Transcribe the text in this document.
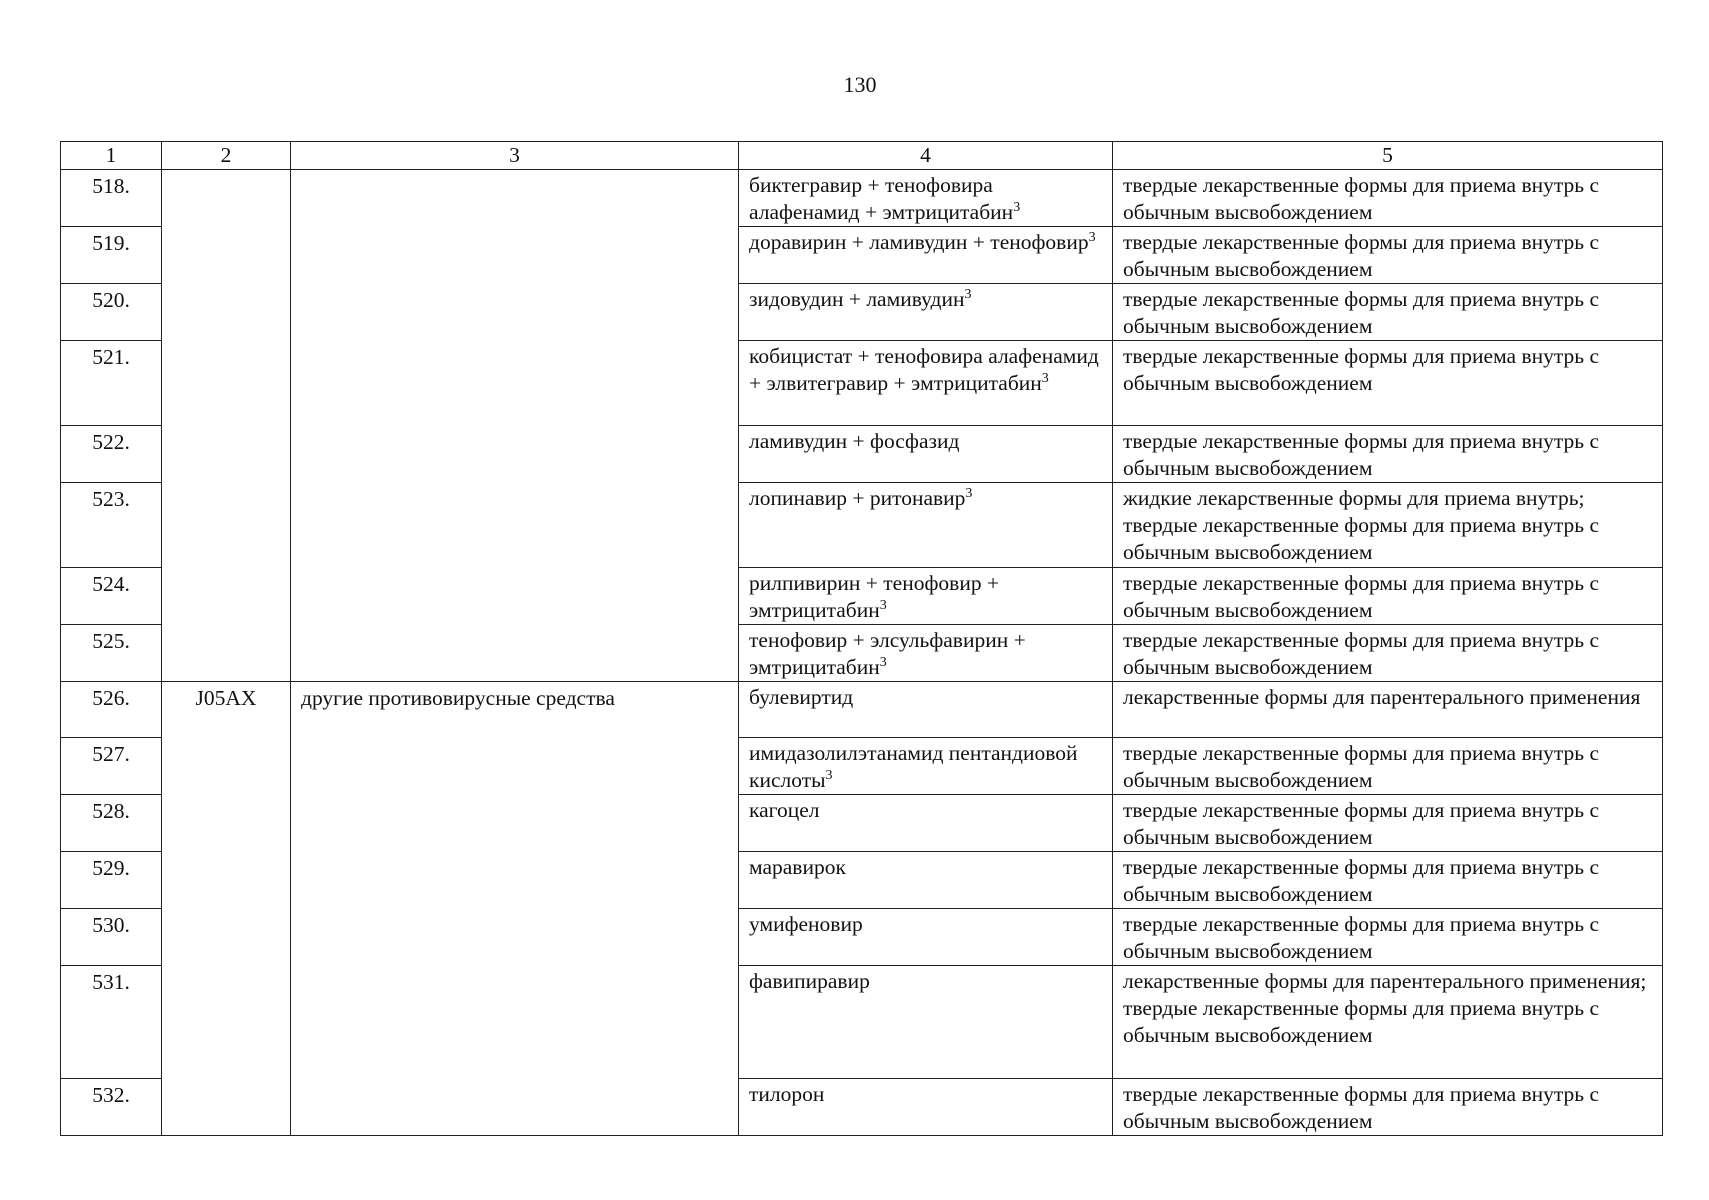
130
1	2	3	4	5
518.			биктегравир + тенофовира алафенамид + эмтрицитабин$^3$	твердые лекарственные формы для приема внутрь с обычным высвобождением
519.			доравирин + ламивудин + тенофовир$^3$	твердые лекарственные формы для приема внутрь с обычным высвобождением
520.			зидовудин + ламивудин$^3$	твердые лекарственные формы для приема внутрь с обычным высвобождением
521.			кобицистат + тенофовира алафенамид + элвитегравир + эмтрицитабин$^3$	твердые лекарственные формы для приема внутрь с обычным высвобождением
522.			ламивудин + фосфазид	твердые лекарственные формы для приема внутрь с обычным высвобождением
523.			лопинавир + ритонавир$^3$	жидкие лекарственные формы для приема внутрь;
твердые лекарственные формы для приема внутрь с обычным высвобождением

524.			рилпивирин + тенофовир + эмтрицитабин$^3$	твердые лекарственные формы для приема внутрь с обычным высвобождением
525.			тенофовир + элсульфавирин + эмтрицитабин$^3$	твердые лекарственные формы для приема внутрь с обычным высвобождением
526.	J05AX	другие противовирусные средства	булевиртид	лекарственные формы для парентерального применения
527.			имидазолилэтанамид пентандиовой кислоты$^3$	твердые лекарственные формы для приема внутрь с обычным высвобождением
528.			кагоцел	твердые лекарственные формы для приема внутрь с обычным высвобождением
529.			маравирок	твердые лекарственные формы для приема внутрь с обычным высвобождением
530.			умифеновир	твердые лекарственные формы для приема внутрь с обычным высвобождением
531.			фавипиравир	лекарственные формы для парентерального применения;
твердые лекарственные формы для приема внутрь с обычным высвобождением

532.			тилорон	твердые лекарственные формы для приема внутрь с обычным высвобождением
